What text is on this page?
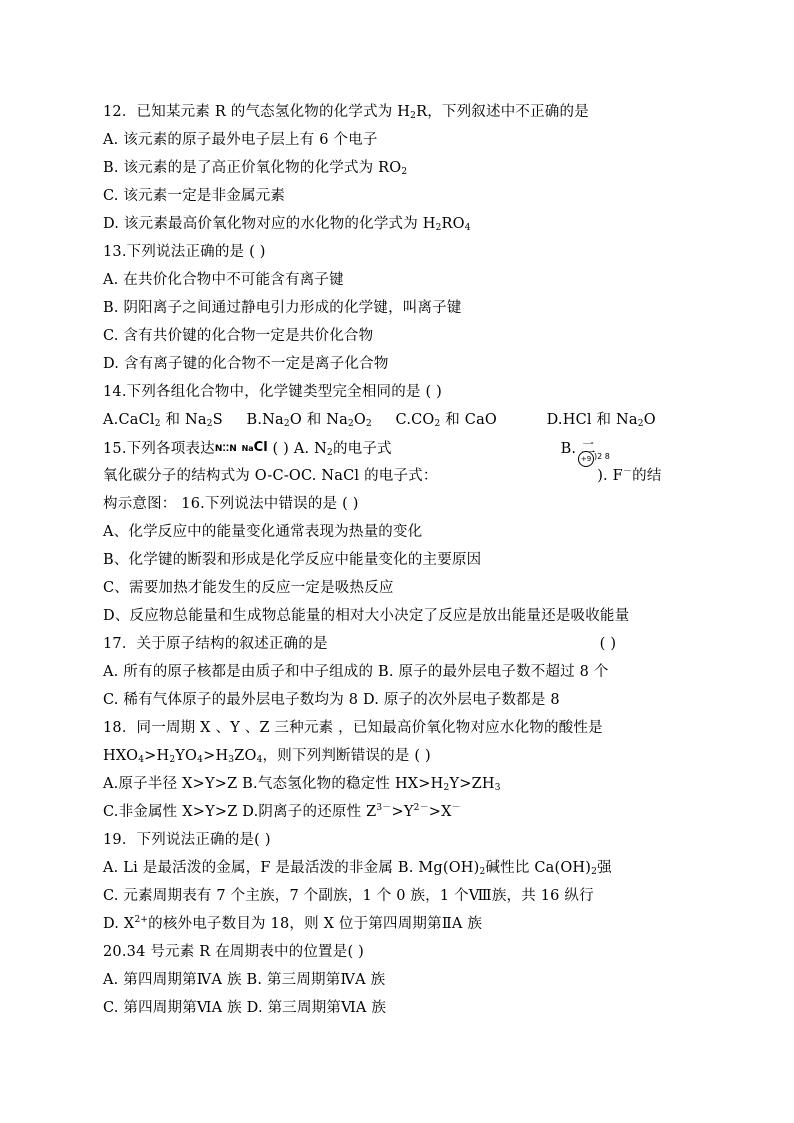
12．已知某元素 R 的气态氢化物的化学式为 $H_2R$，下列叙述中不正确的是
A. 该元素的原子最外电子层上有 6 个电子
B. 该元素的是了高正价氧化物的化学式为 $RO_2$
C. 该元素一定是非金属元素
D. 该元素最高价氧化物对应的水化物的化学式为 $H_2RO_4$
13.下列说法正确的是 ( )
A. 在共价化合物中不可能含有离子键
B. 阴阳离子之间通过静电引力形成的化学键，叫离子键
C. 含有共价键的化合物一定是共价化合物
D. 含有离子键的化合物不一定是离子化合物
14.下列各组化合物中，化学键类型完全相同的是 ( )
A.CaCl$_2$ 和 $Na_2S$ $B.Na_2O$ 和 $Na_2O_2$ $C.CO_2$ 和 CaO	D.HCl 和 $Na_2O$
15.下列各项表达N⁚⁚N NaCl ( ) A. $N_2$的电子式	B. 二
+9 )2 8
氧化碳分子的结构式为 O-C-OC. NaCl 的电子式：	). F－的结
构示意图： 16.下列说法中错误的是 ( )
A、化学反应中的能量变化通常表现为热量的变化
B、化学键的断裂和形成是化学反应中能量变化的主要原因
C、需要加热才能发生的反应一定是吸热反应
D、反应物总能量和生成物总能量的相对大小决定了反应是放出能量还是吸收能量
17．关于原子结构的叙述正确的是	( )
A. 所有的原子核都是由质子和中子组成的 B. 原子的最外层电子数不超过 8 个
C. 稀有气体原子的最外层电子数均为 8 D. 原子的次外层电子数都是 8
18．同一周期 X 、Y 、Z 三种元素 ，已知最高价氧化物对应水化物的酸性是
$HXO_4>H_2YO_4>H_3ZO_4$，则下列判断错误的是 ( )
A.原子半径 X>Y>Z B.气态氢化物的稳定性 $HX>H_2Y>ZH_3$
C.非金属性 X>Y>Z D.阴离子的还原性 $Z^{3-}>Y^{2-}>X^-$
19．下列说法正确的是( )
A. Li 是最活泼的金属，F 是最活泼的非金属 B. $Mg(OH)_2$碱性比 $Ca(OH)_2$强
C. 元素周期表有 7 个主族，7 个副族，1 个 0 族，1 个Ⅷ族，共 16 纵行
D. $X^{2+}$的核外电子数目为 18，则 X 位于第四周期第ⅡA 族
20.34 号元素 R 在周期表中的位置是( )
A. 第四周期第ⅣA 族 B. 第三周期第ⅣA 族
C. 第四周期第ⅥA 族 D. 第三周期第ⅥA 族
